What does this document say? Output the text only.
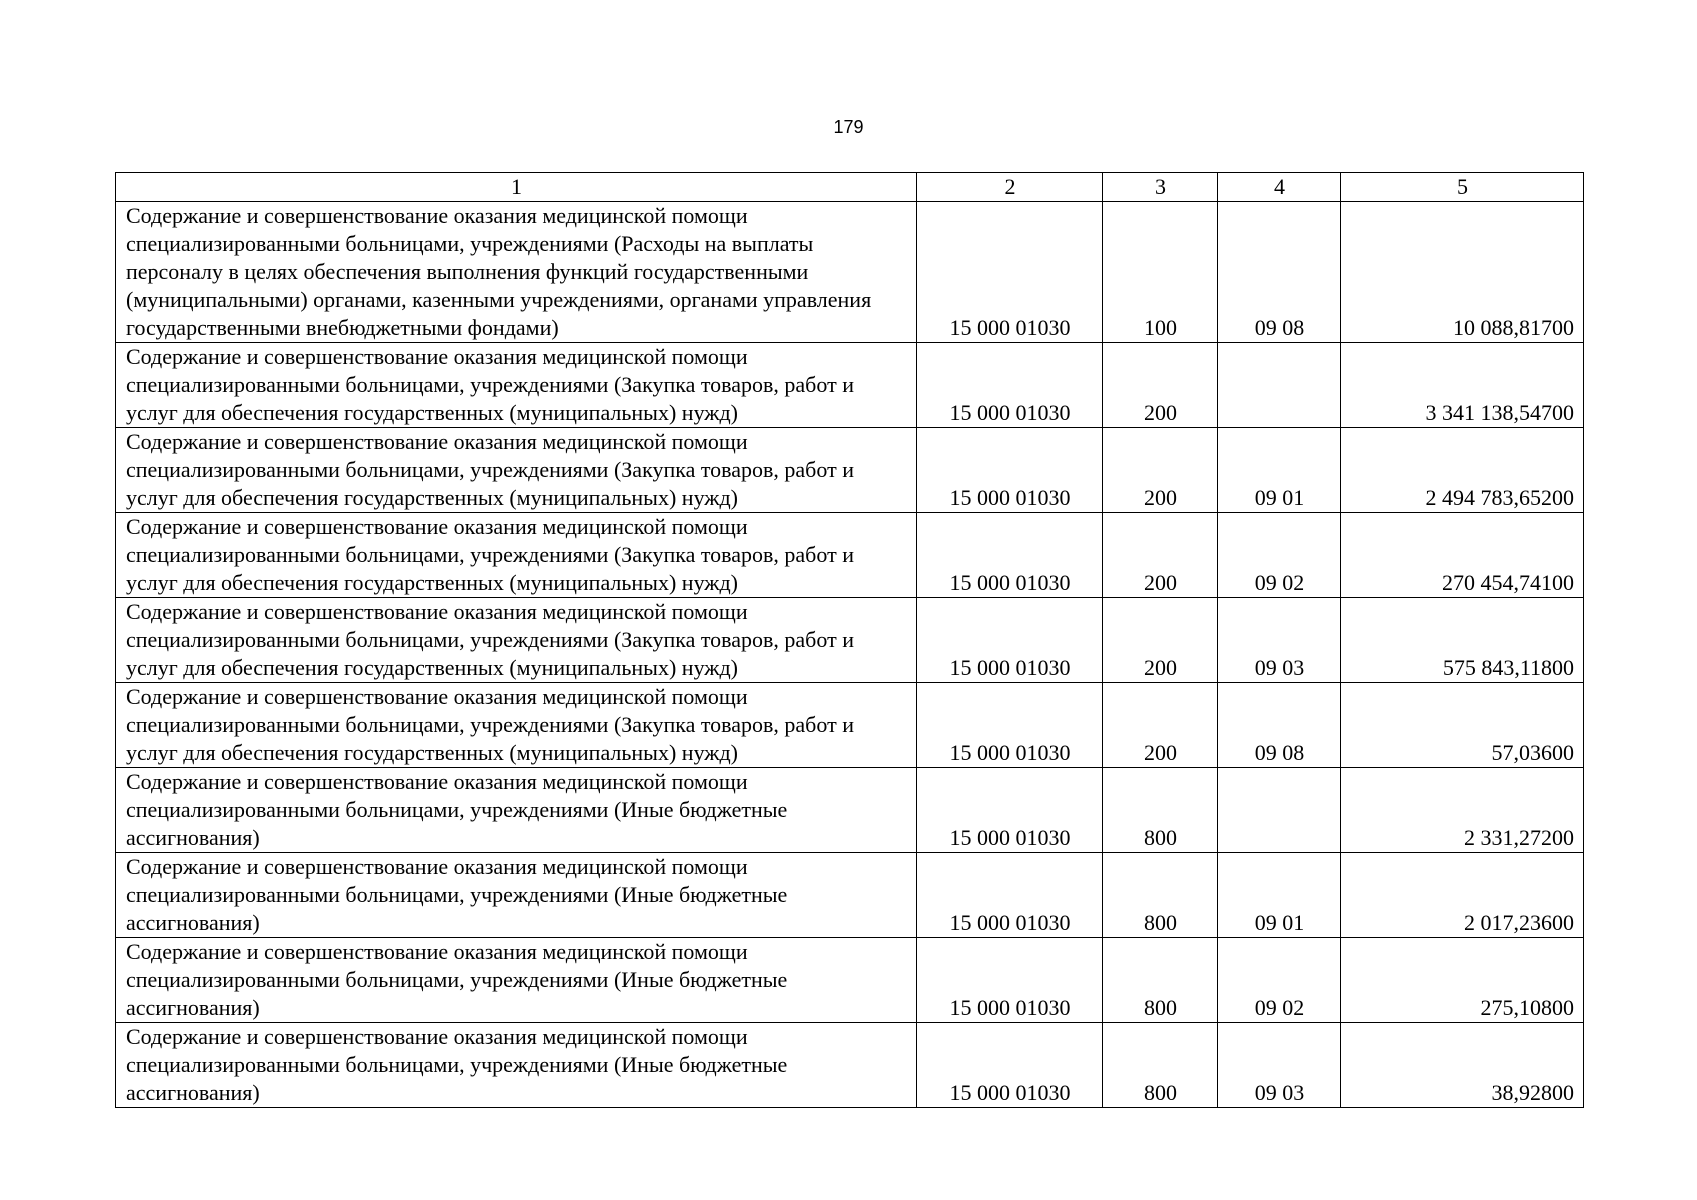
179
1	2	3	4	5
Содержание и совершенствование оказания медицинской помощи специализированными больницами, учреждениями (Расходы на выплаты персоналу в целях обеспечения выполнения функций государственными (муниципальными) органами, казенными учреждениями, органами управления государственными внебюджетными фондами)	15 000 01030	100	09 08	10 088,81700
Содержание и совершенствование оказания медицинской помощи специализированными больницами, учреждениями (Закупка товаров, работ и услуг для обеспечения государственных (муниципальных) нужд)	15 000 01030	200		3 341 138,54700
Содержание и совершенствование оказания медицинской помощи специализированными больницами, учреждениями (Закупка товаров, работ и услуг для обеспечения государственных (муниципальных) нужд)	15 000 01030	200	09 01	2 494 783,65200
Содержание и совершенствование оказания медицинской помощи специализированными больницами, учреждениями (Закупка товаров, работ и услуг для обеспечения государственных (муниципальных) нужд)	15 000 01030	200	09 02	270 454,74100
Содержание и совершенствование оказания медицинской помощи специализированными больницами, учреждениями (Закупка товаров, работ и услуг для обеспечения государственных (муниципальных) нужд)	15 000 01030	200	09 03	575 843,11800
Содержание и совершенствование оказания медицинской помощи специализированными больницами, учреждениями (Закупка товаров, работ и услуг для обеспечения государственных (муниципальных) нужд)	15 000 01030	200	09 08	57,03600
Содержание и совершенствование оказания медицинской помощи специализированными больницами, учреждениями (Иные бюджетные ассигнования)	15 000 01030	800		2 331,27200
Содержание и совершенствование оказания медицинской помощи специализированными больницами, учреждениями (Иные бюджетные ассигнования)	15 000 01030	800	09 01	2 017,23600
Содержание и совершенствование оказания медицинской помощи специализированными больницами, учреждениями (Иные бюджетные ассигнования)	15 000 01030	800	09 02	275,10800
Содержание и совершенствование оказания медицинской помощи специализированными больницами, учреждениями (Иные бюджетные ассигнования)	15 000 01030	800	09 03	38,92800
